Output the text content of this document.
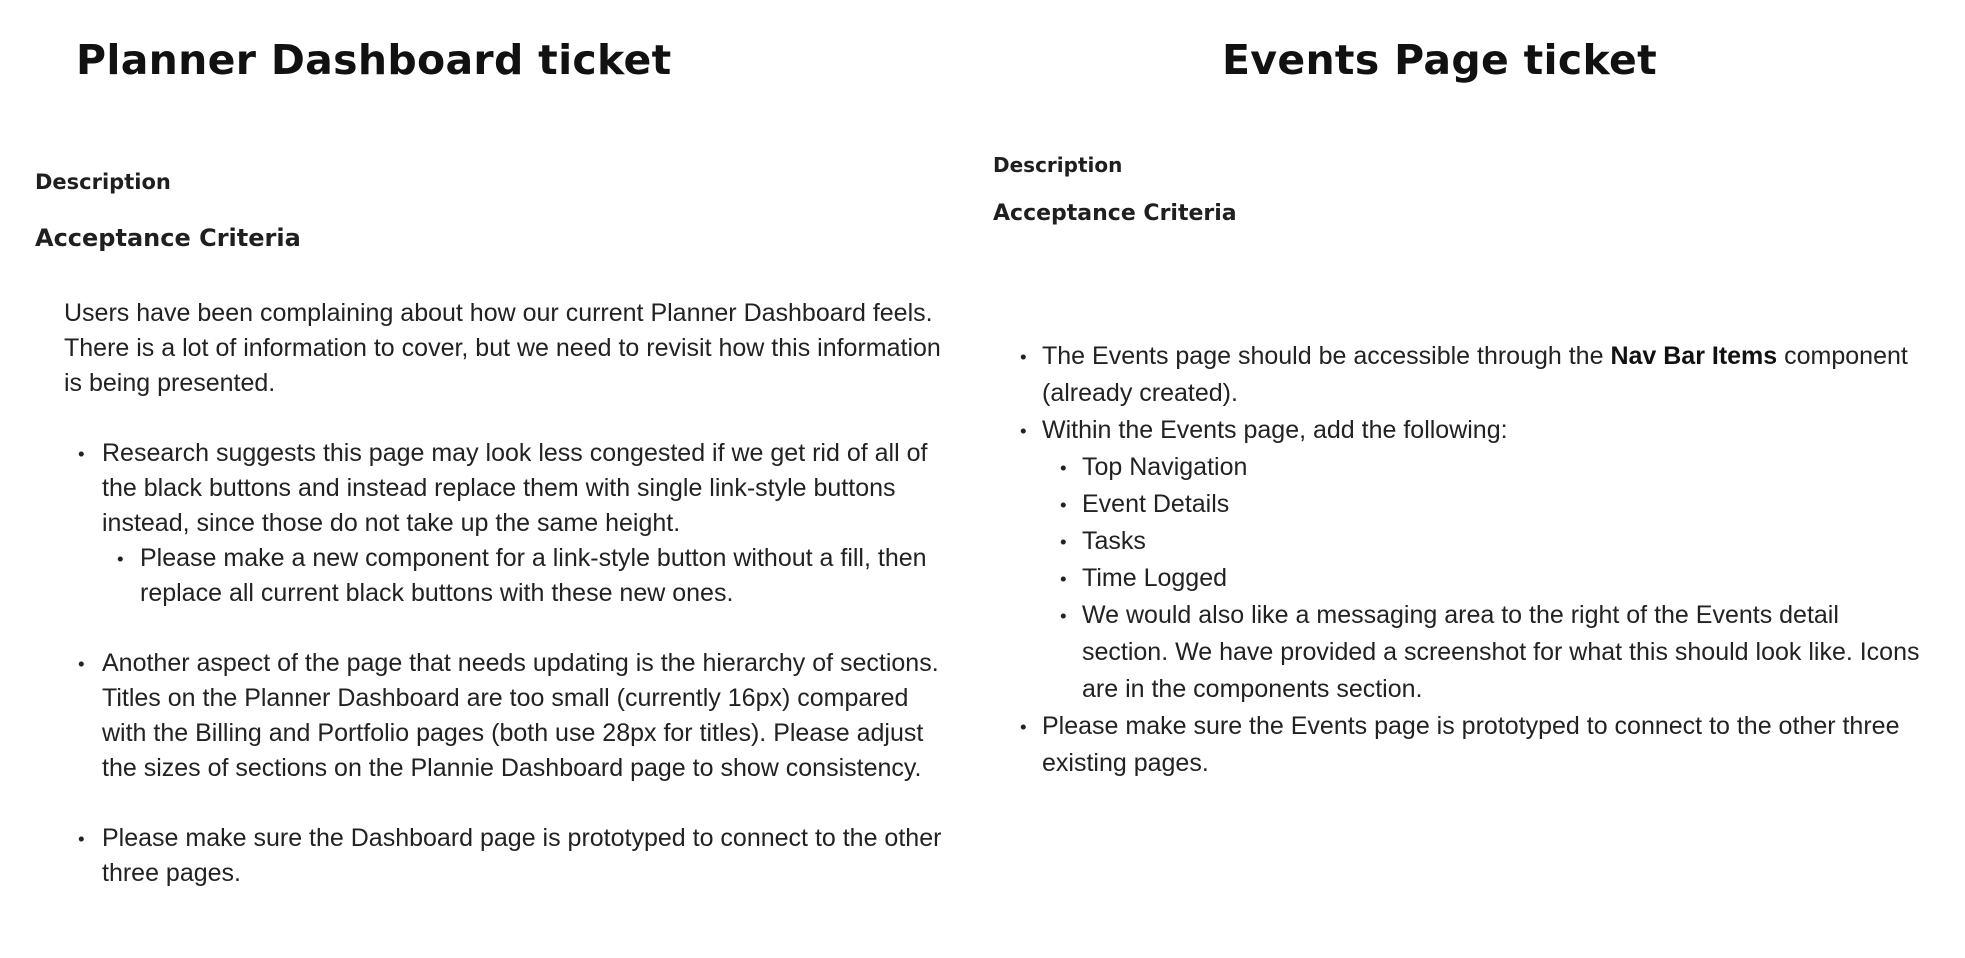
Planner Dashboard ticket
Description
Acceptance Criteria

Users have been complaining about how our current Planner Dashboard feels. There is a lot of information to cover, but we need to revisit how this information is being presented.

• Research suggests this page may look less congested if we get rid of all of the black buttons and instead replace them with single link-style buttons instead, since those do not take up the same height.
• Please make a new component for a link-style button without a fill, then replace all current black buttons with these new ones.
• Another aspect of the page that needs updating is the hierarchy of sections. Titles on the Planner Dashboard are too small (currently 16px) compared with the Billing and Portfolio pages (both use 28px for titles). Please adjust the sizes of sections on the Plannie Dashboard page to show consistency.
• Please make sure the Dashboard page is prototyped to connect to the other three pages.
Events Page ticket
Description
Acceptance Criteria
• The Events page should be accessible through the Nav Bar Items component (already created).
• Within the Events page, add the following:
• Top Navigation
• Event Details
• Tasks
• Time Logged
• We would also like a messaging area to the right of the Events detail section. We have provided a screenshot for what this should look like. Icons are in the components section.
• Please make sure the Events page is prototyped to connect to the other three existing pages.
